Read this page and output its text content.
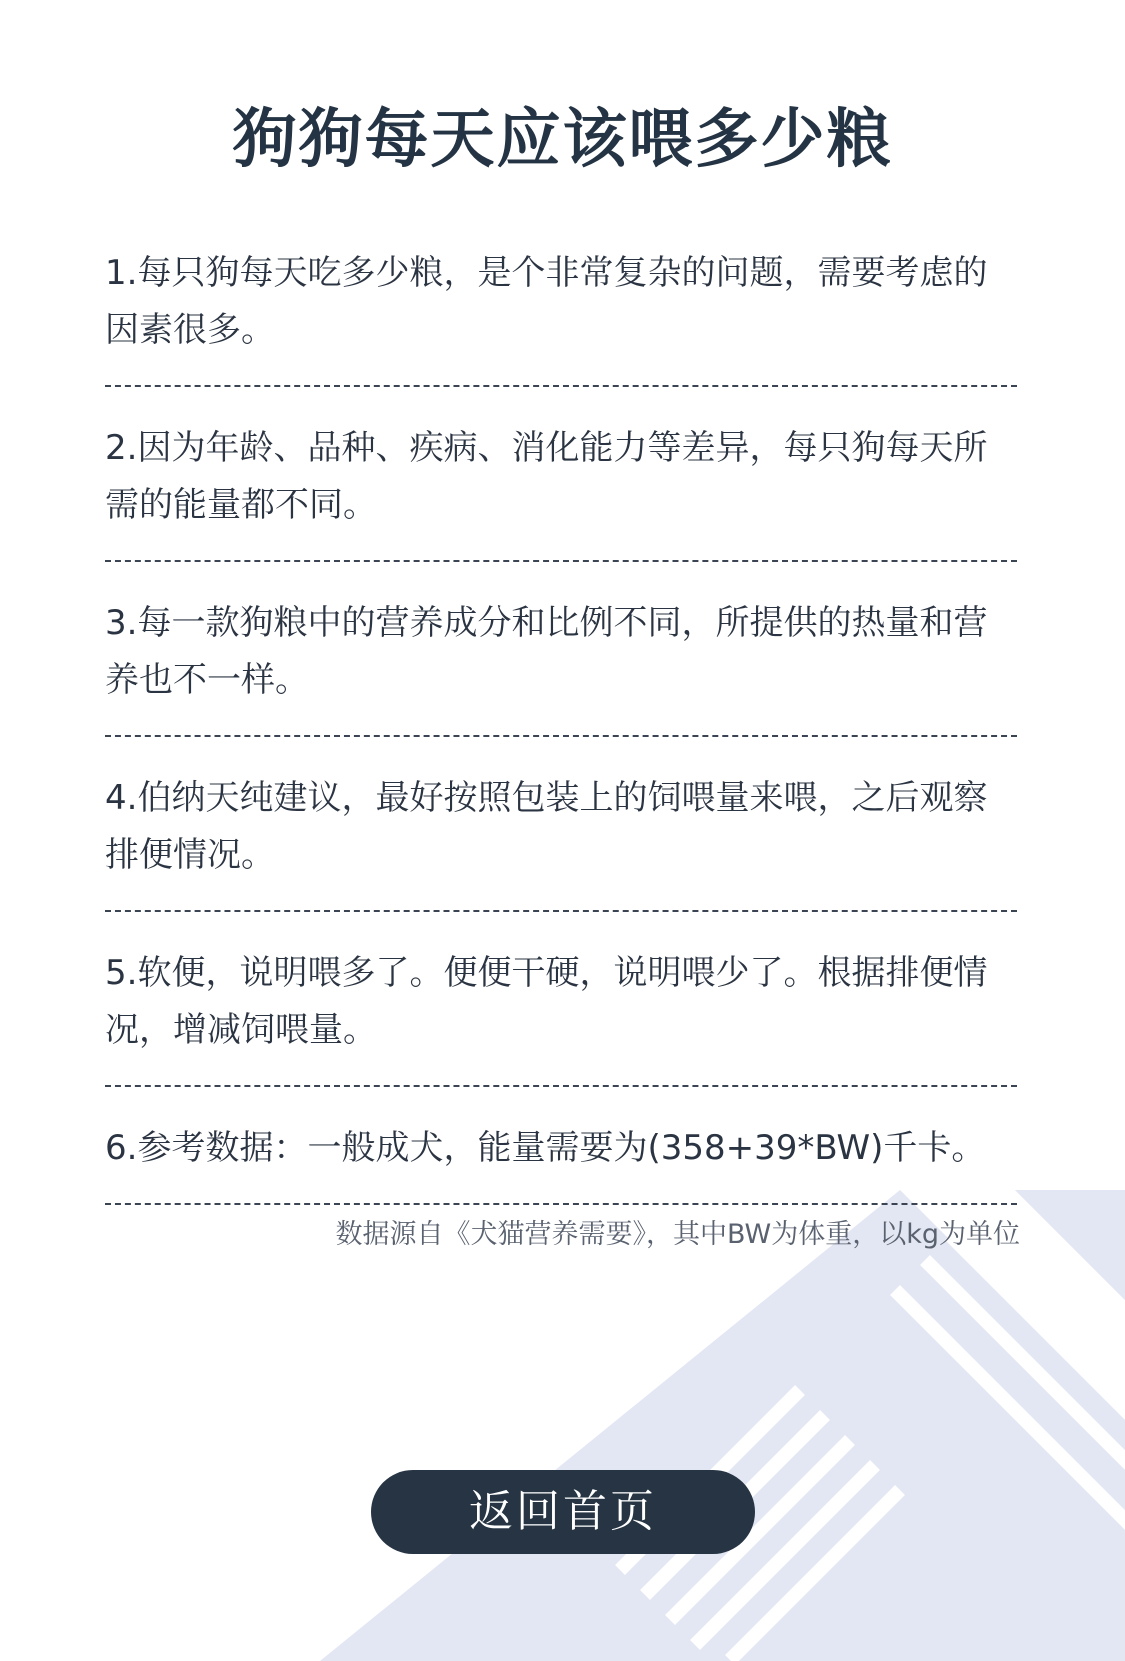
狗狗每天应该喂多少粮
1.每只狗每天吃多少粮，是个非常复杂的问题，需要考虑的因素很多。
2.因为年龄、品种、疾病、消化能力等差异，每只狗每天所需的能量都不同。
3.每一款狗粮中的营养成分和比例不同，所提供的热量和营养也不一样。
4.伯纳天纯建议，最好按照包装上的饲喂量来喂，之后观察排便情况。
5.软便，说明喂多了。便便干硬，说明喂少了。根据排便情况，增减饲喂量。
6.参考数据：一般成犬，能量需要为(358+39*BW)千卡。
数据源自《犬猫营养需要》，其中BW为体重，以kg为单位
返回首页
